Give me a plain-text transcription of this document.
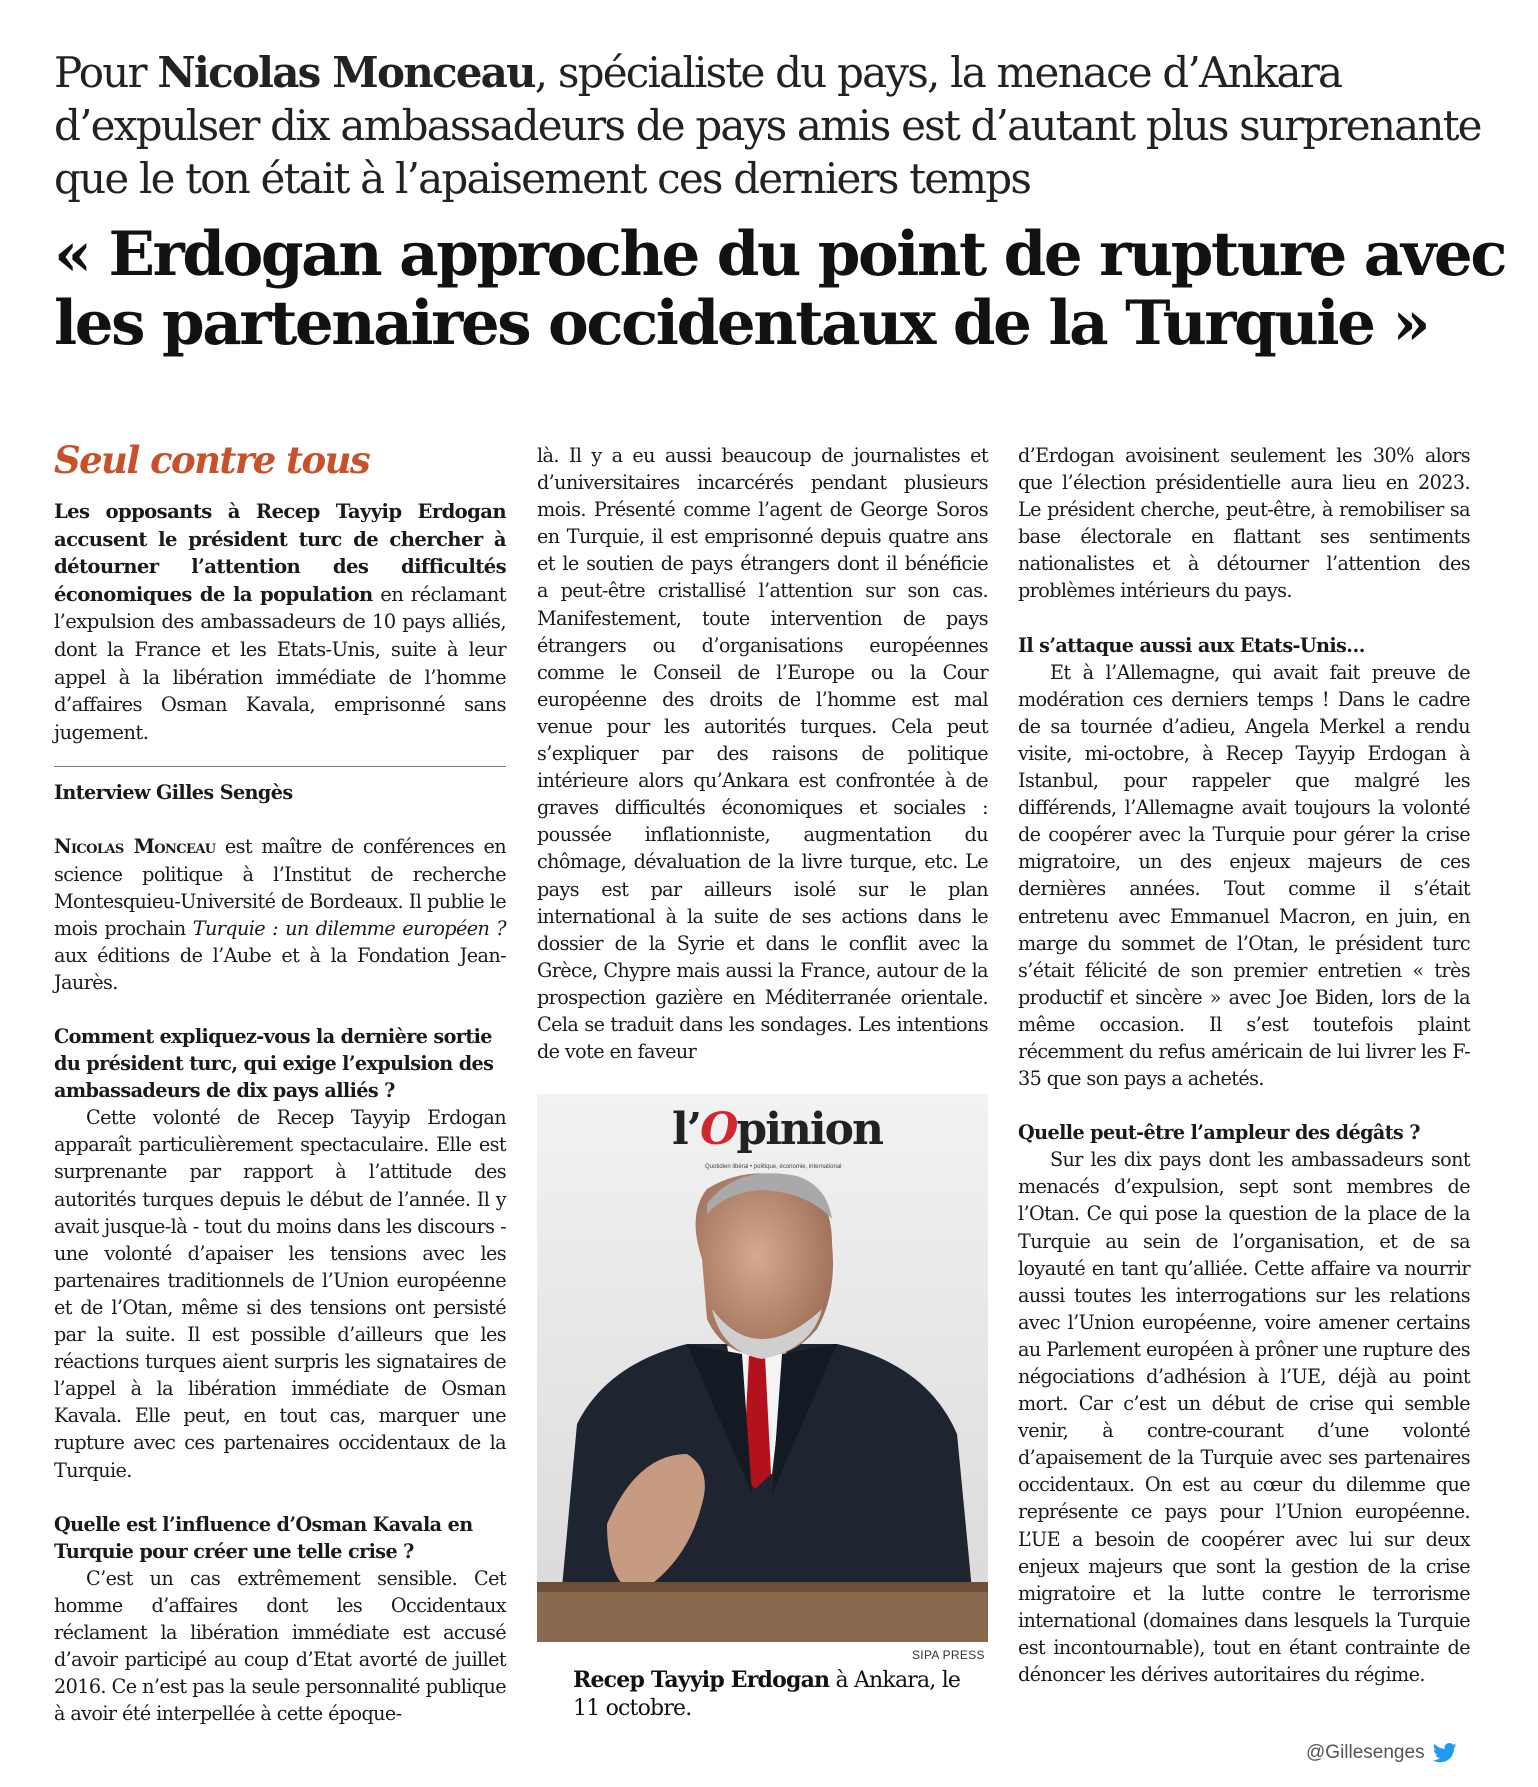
Pour Nicolas Monceau, spécialiste du pays, la menace d’Ankara d’expulser dix ambassadeurs de pays amis est d’autant plus surprenante que le ton était à l’apaisement ces derniers temps
« Erdogan approche du point de rupture avec les partenaires occidentaux de la Turquie »
Seul contre tous

Les opposants à Recep Tayyip Erdogan accusent le président turc de chercher à détourner l’attention des difficultés économiques de la population en réclamant l’expulsion des ambassadeurs de 10 pays alliés, dont la France et les Etats-Unis, suite à leur appel à la libération immédiate de l’homme d’affaires Osman Kavala, emprisonné sans jugement.

Interview Gilles Sengès

Nicolas Monceau est maître de conférences en science politique à l’Institut de recherche Montesquieu-Université de Bordeaux. Il publie le mois prochain Turquie : un dilemme européen ? aux éditions de l’Aube et à la Fondation Jean-Jaurès.

Comment expliquez-vous la dernière sortie du président turc, qui exige l’expulsion des ambassadeurs de dix pays alliés ?

Cette volonté de Recep Tayyip Erdogan apparaît particulièrement spectaculaire. Elle est surprenante par rapport à l’attitude des autorités turques depuis le début de l’année. Il y avait jusque-là - tout du moins dans les discours - une volonté d’apaiser les tensions avec les partenaires traditionnels de l’Union européenne et de l’Otan, même si des tensions ont persisté par la suite. Il est possible d’ailleurs que les réactions turques aient surpris les signataires de l’appel à la libération immédiate de Osman Kavala. Elle peut, en tout cas, marquer une rupture avec ces partenaires occidentaux de la Turquie.

Quelle est l’influence d’Osman Kavala en Turquie pour créer une telle crise ?

C’est un cas extrêmement sensible. Cet homme d’affaires dont les Occidentaux réclament la libération immédiate est accusé d’avoir participé au coup d’Etat avorté de juillet 2016. Ce n’est pas la seule personnalité publique à avoir été interpellée à cette époque-

là. Il y a eu aussi beaucoup de journalistes et d’universitaires incarcérés pendant plusieurs mois. Présenté comme l’agent de George Soros en Turquie, il est emprisonné depuis quatre ans et le soutien de pays étrangers dont il bénéficie a peut-être cristallisé l’attention sur son cas. Manifestement, toute intervention de pays étrangers ou d’organisations européennes comme le Conseil de l’Europe ou la Cour européenne des droits de l’homme est mal venue pour les autorités turques. Cela peut s’expliquer par des raisons de politique intérieure alors qu’Ankara est confrontée à de graves difficultés économiques et sociales : poussée inflationniste, augmentation du chômage, dévaluation de la livre turque, etc. Le pays est par ailleurs isolé sur le plan international à la suite de ses actions dans le dossier de la Syrie et dans le conflit avec la Grèce, Chypre mais aussi la France, autour de la prospection gazière en Méditerranée orientale. Cela se traduit dans les sondages. Les intentions de vote en faveur

l’Opinion
Quotidien libéral • politique, économie, international
SIPA PRESS

Recep Tayyip Erdogan à Ankara, le 11 octobre.

d’Erdogan avoisinent seulement les 30% alors que l’élection présidentielle aura lieu en 2023. Le président cherche, peut-être, à remobiliser sa base électorale en flattant ses sentiments nationalistes et à détourner l’attention des problèmes intérieurs du pays.

Il s’attaque aussi aux Etats-Unis…

Et à l’Allemagne, qui avait fait preuve de modération ces derniers temps ! Dans le cadre de sa tournée d’adieu, Angela Merkel a rendu visite, mi-octobre, à Recep Tayyip Erdogan à Istanbul, pour rappeler que malgré les différends, l’Allemagne avait toujours la volonté de coopérer avec la Turquie pour gérer la crise migratoire, un des enjeux majeurs de ces dernières années. Tout comme il s’était entretenu avec Emmanuel Macron, en juin, en marge du sommet de l’Otan, le président turc s’était félicité de son premier entretien « très productif et sincère » avec Joe Biden, lors de la même occasion. Il s’est toutefois plaint récemment du refus américain de lui livrer les F-35 que son pays a achetés.

Quelle peut-être l’ampleur des dégâts ?

Sur les dix pays dont les ambassadeurs sont menacés d’expulsion, sept sont membres de l’Otan. Ce qui pose la question de la place de la Turquie au sein de l’organisation, et de sa loyauté en tant qu’alliée. Cette affaire va nourrir aussi toutes les interrogations sur les relations avec l’Union européenne, voire amener certains au Parlement européen à prôner une rupture des négociations d’adhésion à l’UE, déjà au point mort. Car c’est un début de crise qui semble venir, à contre-courant d’une volonté d’apaisement de la Turquie avec ses partenaires occidentaux. On est au cœur du dilemme que représente ce pays pour l’Union européenne. L’UE a besoin de coopérer avec lui sur deux enjeux majeurs que sont la gestion de la crise migratoire et la lutte contre le terrorisme international (domaines dans lesquels la Turquie est incontournable), tout en étant contrainte de dénoncer les dérives autoritaires du régime.

@Gillesenges
